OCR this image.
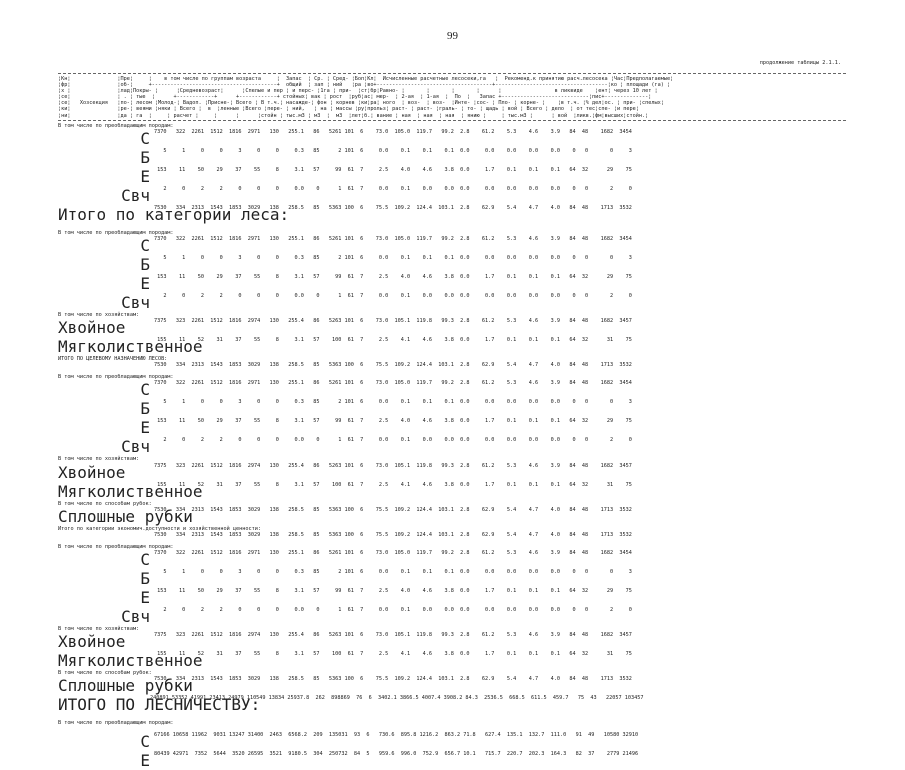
99
продолжение таблицы 2.1.1.
¦Кн¦               ¦Пре¦     ¦    в том числе по группам возраста     ¦  Запас  ¦ Ср. ¦ Сред- ¦Боп¦Кл¦  Исчисленные расчетные лесосеки,га   ¦  Рекоменд.к принятию расч.лесосека ¦Час¦Предполагаемые¦
¦фр¦               ¦об-¦     +----------------------------------------+  общий  ¦ зап ¦ ний   ¦ра ¦во+-------------------------------------+------------------------------------¦ко ¦ площади (га) ¦
¦х ¦               ¦лад¦Покры- ¦      ¦Средневозраст¦      ¦Спелые и пер ¦ и перс- ¦1га ¦ при-  ¦ст¦бр¦Равно- ¦       ¦       ¦       ¦      ¦                 в ликвиде    ¦ент¦ через 10 лет ¦
¦се¦               ¦ . ¦ тые  ¦      +------------+      +------------+ стойных¦ вак ¦ рост  ¦руб¦ас¦ мер-  ¦ 2-ая  ¦ 1-ая  ¦  По  ¦   Запас +----------------------------¦пис+--------------¦
¦се¦   Хозсекция   ¦по-¦ лесом ¦Молод-¦ Вадоп. ¦Присне-¦ Всего ¦ В т.ч.¦ насажде-¦ фон ¦ корнев ¦ки¦ра¦ ного  ¦ воз-  ¦ воз-  ¦Инте- ¦сос- ¦ Пло- ¦ корне- ¦    ¦в т.ч. ¦% дел¦ос. ¦ при- ¦спелых¦
¦ки¦               ¦ре-¦ веями ¦няки ¦ Всего ¦  в  ¦ленные ¦Всего ¦пере- ¦ ний,   ¦ на ¦ массы ¦ру¦прольз¦ раст- ¦ раст- ¦граль- ¦ то- ¦ щадь ¦ вой ¦ Всего ¦ дело  ¦ от тес¦спе- ¦и пере¦
¦ни¦               ¦да ¦ га  ¦     ¦ расчет ¦     ¦      ¦      ¦стойн ¦ тыс.м3 ¦ м3  ¦  м3  ¦лет¦б.¦ вание ¦ ная  ¦ ная  ¦ ная  ¦ янию ¦     ¦ тыс.м3 ¦      ¦ вой  ¦ликв.¦фм¦высших¦стойн.¦
В том числе по преобладающим породам:
С 7370   322  2261  1512  1816  2971   130   255.1   86   5261 101  6    73.0  105.0  119.7   99.2  2.8    61.2    5.3    4.6    3.9   84  48    1682  3454
Б 5     1     0     0     3     0     0     0.3   85      2 101  6     0.0    0.1    0.1    0.1  0.0     0.0    0.0    0.0    0.0    0   0       0     3
Е 153    11    50    29    37    55     8     3.1   57     99  61  7     2.5    4.0    4.6    3.8  0.0     1.7    0.1    0.1    0.1   64  32      29    75
Свч 2     0     2     2     0     0     0     0.0    0      1  61  7     0.0    0.1    0.0    0.0  0.0     0.0    0.0    0.0    0.0    0   0       2     0
Итого по категории леса:
7530   334  2313  1543  1853  3029   138   258.5   85   5363 100  6    75.5  109.2  124.4  103.1  2.8    62.9    5.4    4.7    4.0   84  48    1713  3532
В том числе по преобладающим породам:
С 7370   322  2261  1512  1816  2971   130   255.1   86   5261 101  6    73.0  105.0  119.7   99.2  2.8    61.2    5.3    4.6    3.9   84  48    1682  3454
Б 5     1     0     0     3     0     0     0.3   85      2 101  6     0.0    0.1    0.1    0.1  0.0     0.0    0.0    0.0    0.0    0   0       0     3
Е 153    11    50    29    37    55     8     3.1   57     99  61  7     2.5    4.0    4.6    3.8  0.0     1.7    0.1    0.1    0.1   64  32      29    75
Свч 2     0     2     2     0     0     0     0.0    0      1  61  7     0.0    0.1    0.0    0.0  0.0     0.0    0.0    0.0    0.0    0   0       2     0
В том числе по хозяйствам:
Хвойное	7375   323  2261  1512  1816  2974   130   255.4   86   5263 101  6    73.0  105.1  119.8   99.3  2.8    61.2    5.3    4.6    3.9   84  48    1682  3457
Мягколиственное
155    11    52    31    37    55     8     3.1   57    100  61  7     2.5    4.1    4.6    3.8  0.0     1.7    0.1    0.1    0.1   64  32      31    75
ИТОГО ПО ЦЕЛЕВОМУ НАЗНАЧЕНИЮ ЛЕСОВ:
7530   334  2313  1543  1853  3029   138   258.5   85   5363 100  6    75.5  109.2  124.4  103.1  2.8    62.9    5.4    4.7    4.0   84  48    1713  3532
В том числе по преобладающим породам:
С 7370   322  2261  1512  1816  2971   130   255.1   86   5261 101  6    73.0  105.0  119.7   99.2  2.8    61.2    5.3    4.6    3.9   84  48    1682  3454
Б 5     1     0     0     3     0     0     0.3   85      2 101  6     0.0    0.1    0.1    0.1  0.0     0.0    0.0    0.0    0.0    0   0       0     3
Е 153    11    50    29    37    55     8     3.1   57     99  61  7     2.5    4.0    4.6    3.8  0.0     1.7    0.1    0.1    0.1   64  32      29    75
Свч 2     0     2     2     0     0     0     0.0    0      1  61  7     0.0    0.1    0.0    0.0  0.0     0.0    0.0    0.0    0.0    0   0       2     0
В том числе по хозяйствам:
Хвойное	7375   323  2261  1512  1816  2974   130   255.4   86   5263 101  6    73.0  105.1  119.8   99.3  2.8    61.2    5.3    4.6    3.9   84  48    1682  3457
Мягколиственное
155    11    52    31    37    55     8     3.1   57    100  61  7     2.5    4.1    4.6    3.8  0.0     1.7    0.1    0.1    0.1   64  32      31    75
В том числе по способам рубок:
Сплошные рубки
7530   334  2313  1543  1853  3029   138   258.5   85   5363 100  6    75.5  109.2  124.4  103.1  2.8    62.9    5.4    4.7    4.0   84  48    1713  3532
Итого по категории экономич.доступности и хозяйственной ценности:
7530   334  2313  1543  1853  3029   138   258.5   85   5363 100  6    75.5  109.2  124.4  103.1  2.8    62.9    5.4    4.7    4.0   84  48    1713  3532
В том числе по преобладающим породам:
С 7370   322  2261  1512  1816  2971   130   255.1   86   5261 101  6    73.0  105.0  119.7   99.2  2.8    61.2    5.3    4.6    3.9   84  48    1682  3454
Б 5     1     0     0     3     0     0     0.3   85      2 101  6     0.0    0.1    0.1    0.1  0.0     0.0    0.0    0.0    0.0    0   0       0     3
Е 153    11    50    29    37    55     8     3.1   57     99  61  7     2.5    4.0    4.6    3.8  0.0     1.7    0.1    0.1    0.1   64  32      29    75
Свч 2     0     2     2     0     0     0     0.0    0      1  61  7     0.0    0.1    0.0    0.0  0.0     0.0    0.0    0.0    0.0    0   0       2     0
В том числе по хозяйствам:
Хвойное	7375   323  2261  1512  1816  2974   130   255.4   86   5263 101  6    73.0  105.1  119.8   99.3  2.8    61.2    5.3    4.6    3.9   84  48    1682  3457
Мягколиственное
155    11    52    31    37    55     8     3.1   57    100  61  7     2.5    4.1    4.6    3.8  0.0     1.7    0.1    0.1    0.1   64  32      31    75
В том числе по способам рубок:
Сплошные рубки
7530   334  2313  1543  1853  3029   138   258.5   85   5363 100  6    75.5  109.2  124.4  103.1  2.8    62.9    5.4    4.7    4.0   84  48    1713  3532
ИТОГО ПО ЛЕСНИЧЕСТВУ:
240891 53352 41991 23413 24979 110549 13834 25937.8  262  898869  76  6  3402.1 3866.5 4007.4 3908.2 84.3  2536.5  668.5  611.5  459.7   75  43   22057 103457
В том числе по преобладающим породам:
С 67166 10658 11962  9031 13247 31400  2463  6568.2  209  135031  93  6   730.6  895.8 1216.2  863.2 71.8   627.4  135.1  132.7  111.0   91  49   10580 32910
Е 80439 42971  7352  5644  3520 26595  3521  9180.5  304  250732  84  5   959.6  996.0  752.9  656.7 10.1   715.7  220.7  202.3  164.3   82  37    2779 21496
